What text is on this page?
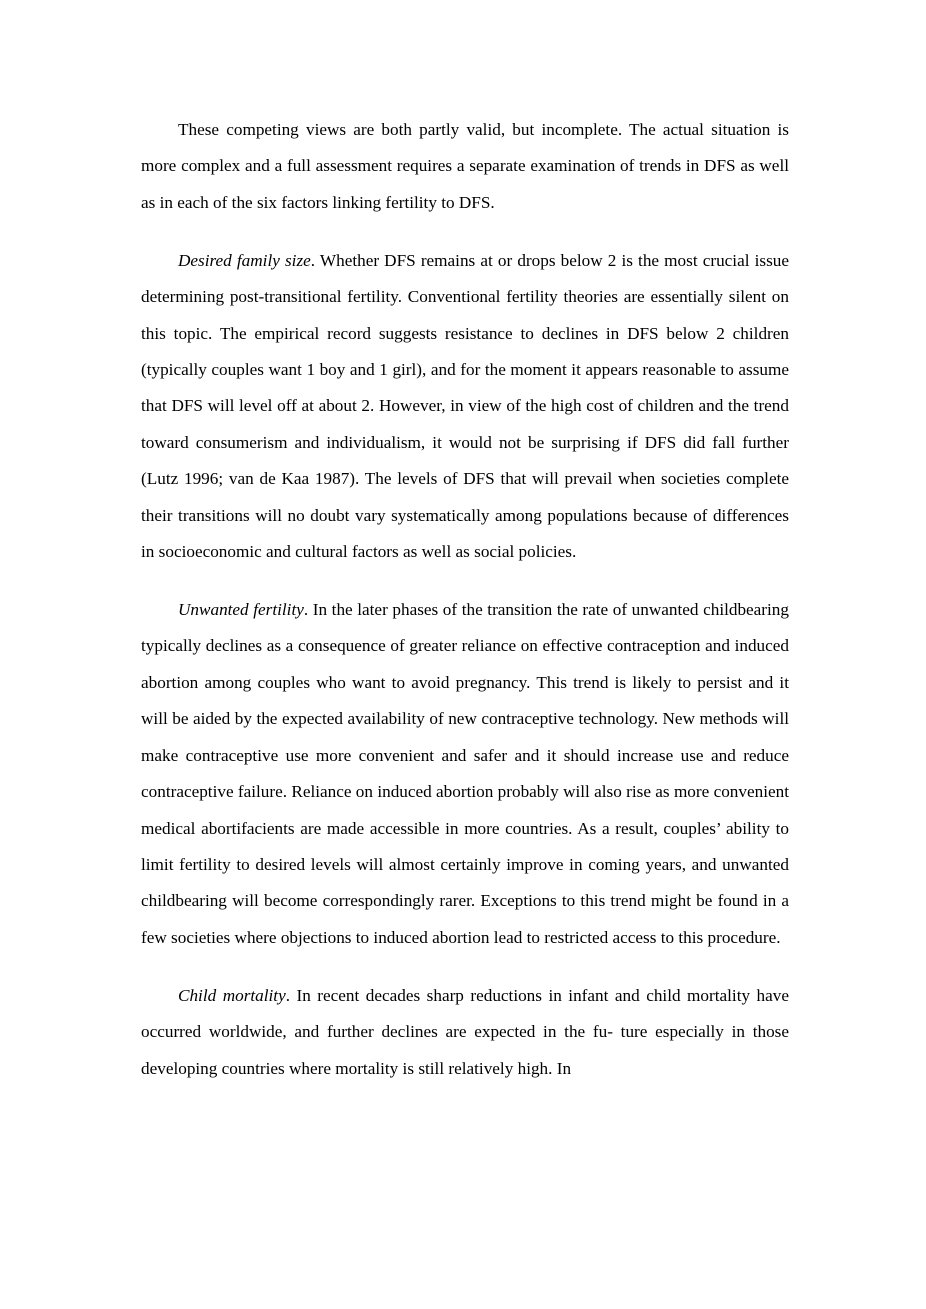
These competing views are both partly valid, but incomplete. The actual situation is more complex and a full assessment requires a separate examination of trends in DFS as well as in each of the six factors linking fertility to DFS.

Desired family size. Whether DFS remains at or drops below 2 is the most crucial issue determining post-transitional fertility. Conventional fertility theories are essentially silent on this topic. The empirical record suggests resistance to declines in DFS below 2 children (typically couples want 1 boy and 1 girl), and for the moment it appears reasonable to assume that DFS will level off at about 2. However, in view of the high cost of children and the trend toward consumerism and individualism, it would not be surprising if DFS did fall further (Lutz 1996; van de Kaa 1987). The levels of DFS that will prevail when societies complete their transitions will no doubt vary systematically among populations because of differences in socioeconomic and cultural factors as well as social policies.

Unwanted fertility. In the later phases of the transition the rate of unwanted childbearing typically declines as a consequence of greater reliance on effective contraception and induced abortion among couples who want to avoid pregnancy. This trend is likely to persist and it will be aided by the expected availability of new contraceptive technology. New methods will make contraceptive use more convenient and safer and it should increase use and reduce contraceptive failure. Reliance on induced abortion probably will also rise as more convenient medical abortifacients are made accessible in more countries. As a result, couples’ ability to limit fertility to desired levels will almost certainly improve in coming years, and unwanted childbearing will become correspondingly rarer. Exceptions to this trend might be found in a few societies where objections to induced abortion lead to restricted access to this procedure.

Child mortality. In recent decades sharp reductions in infant and child mortality have occurred worldwide, and further declines are expected in the fu- ture especially in those developing countries where mortality is still relatively high. In
